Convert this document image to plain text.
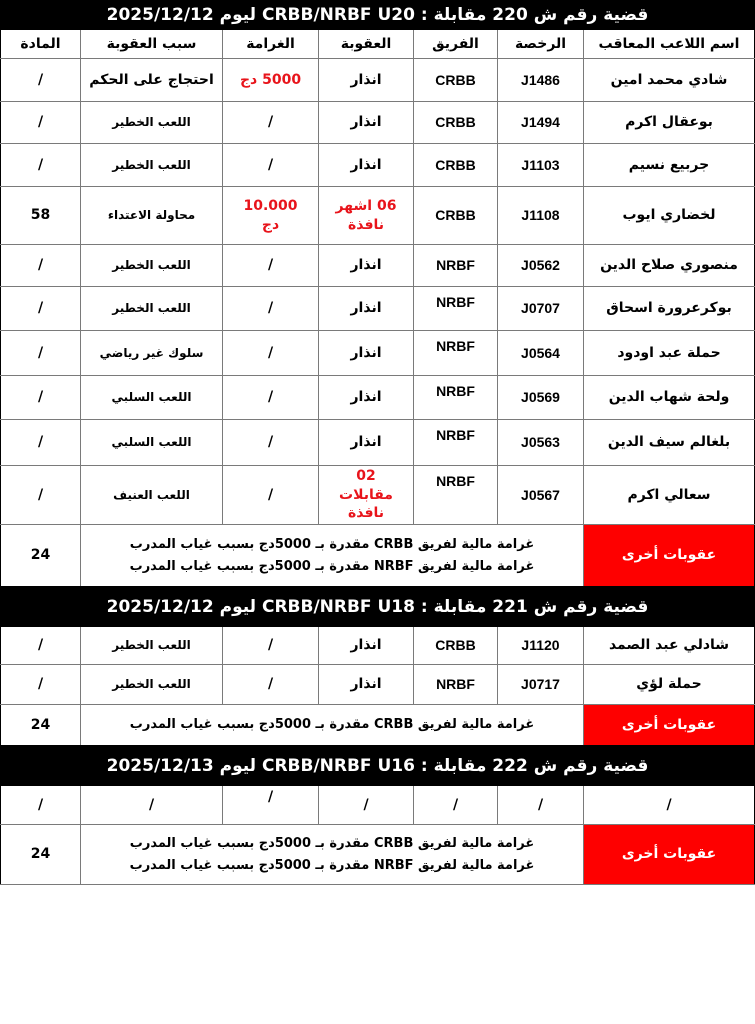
قضية رقم ش 220 مقابلة : CRBB/NRBF U20 ليوم 2025/12/12
اسم اللاعب المعاقب
الرخصة
الفريق
العقوبة
الغرامة
سبب العقوبة
المادة
شادي محمد امين
J1486
CRBB
انذار
5000 دج
احتجاج على الحكم
/
بوعقال اكرم
J1494
CRBB
انذار
/
اللعب الخطير
/
جربيع نسيم
J1103
CRBB
انذار
/
اللعب الخطير
/
لخضاري ايوب
J1108
CRBB
06 اشهر نافذة
10.000 دج
محاولة الاعتداء
58
منصوري صلاح الدين
J0562
NRBF
انذار
/
اللعب الخطير
/
بوكرعرورة اسحاق
J0707
NRBF
انذار
/
اللعب الخطير
/
حملة عبد اودود
J0564
NRBF
انذار
/
سلوك غير رياضي
/
ولحة شهاب الدين
J0569
NRBF
انذار
/
اللعب السلبي
/
بلغالم سيف الدين
J0563
NRBF
انذار
/
اللعب السلبي
/
سعالي اكرم
J0567
NRBF
02 مقابلات نافذة
/
اللعب العنيف
/
عقوبات أخرى
غرامة مالية لفريق CRBB مقدرة بـ 5000دج بسبب غياب المدرب
غرامة مالية لفريق NRBF مقدرة بـ 5000دج بسبب غياب المدرب
24
قضية رقم ش 221 مقابلة : CRBB/NRBF U18 ليوم 2025/12/12
شادلي عبد الصمد
J1120
CRBB
انذار
/
اللعب الخطير
/
حملة لؤي
J0717
NRBF
انذار
/
اللعب الخطير
/
عقوبات أخرى
غرامة مالية لفريق CRBB مقدرة بـ 5000دج بسبب غياب المدرب
24
قضية رقم ش 222 مقابلة : CRBB/NRBF U16 ليوم 2025/12/13
/
/
/
/
/
/
/
عقوبات أخرى
غرامة مالية لفريق CRBB مقدرة بـ 5000دج بسبب غياب المدرب
غرامة مالية لفريق NRBF مقدرة بـ 5000دج بسبب غياب المدرب
24
